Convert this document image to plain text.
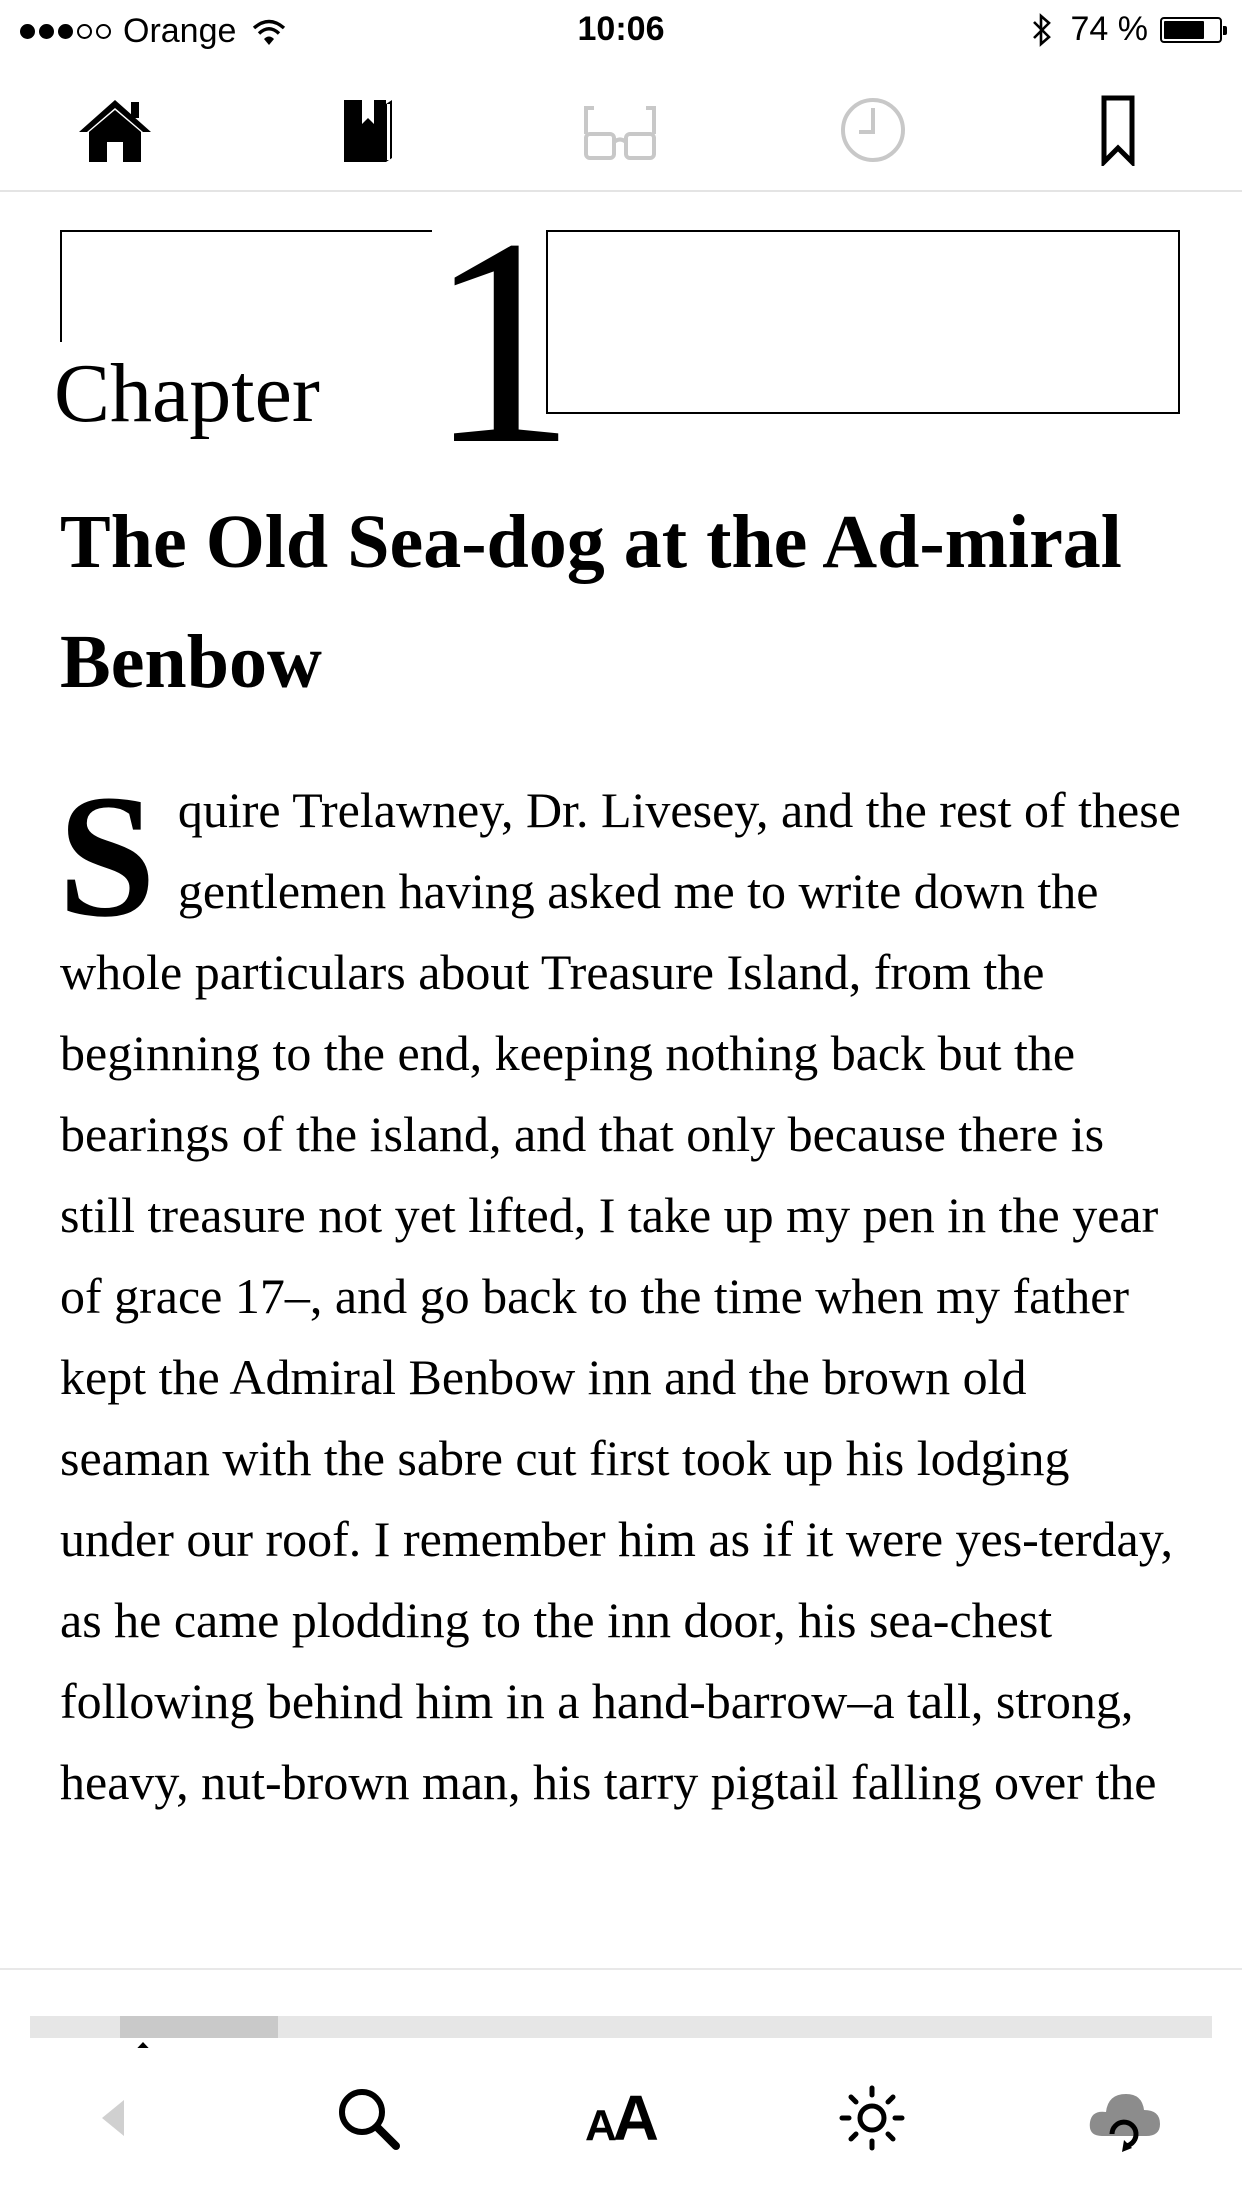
Orange	10:06	74 %
Chapter 1
The Old Sea-dog at the Ad-miral Benbow
Squire Trelawney, Dr. Livesey, and the rest of these gentlemen having asked me to write down the whole particulars about Treasure Island, from the beginning to the end, keeping nothing back but the bearings of the island, and that only because there is still treasure not yet lifted, I take up my pen in the year of grace 17–, and go back to the time when my father kept the Admiral Benbow inn and the brown old seaman with the sabre cut first took up his lodging under our roof. I remember him as if it were yes-terday, as he came plodding to the inn door, his sea-chest following behind him in a hand-barrow–a tall, strong, heavy, nut-brown man, his tarry pigtail falling over the
AA
